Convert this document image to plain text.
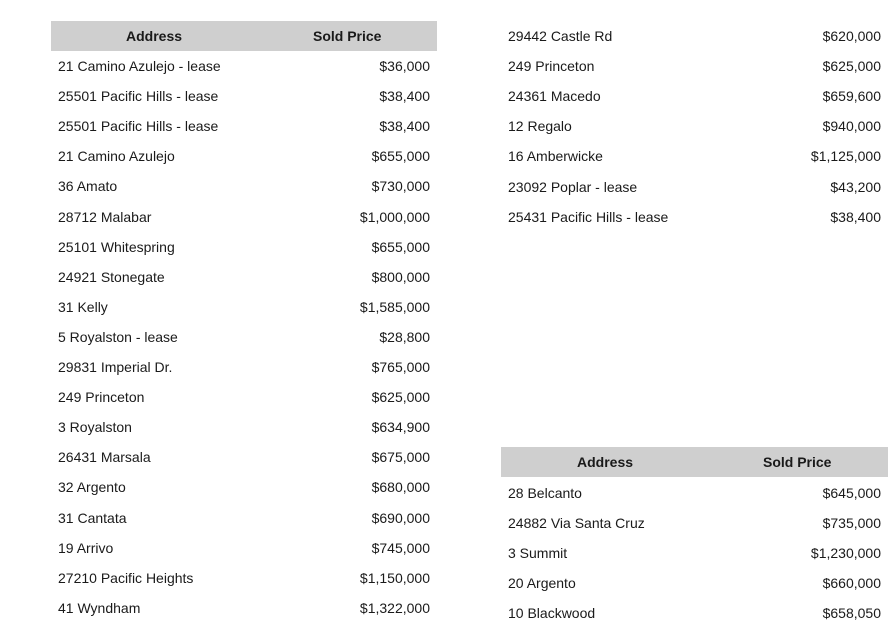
Address	Sold Price
21 Camino Azulejo - lease	$36,000
25501 Pacific Hills - lease	$38,400
25501 Pacific Hills - lease	$38,400
21 Camino Azulejo	$655,000
36 Amato	$730,000
28712 Malabar	$1,000,000
25101 Whitespring	$655,000
24921 Stonegate	$800,000
31 Kelly	$1,585,000
5 Royalston - lease	$28,800
29831 Imperial Dr.	$765,000
249 Princeton	$625,000
3 Royalston	$634,900
26431 Marsala	$675,000
32 Argento	$680,000
31 Cantata	$690,000
19 Arrivo	$745,000
27210 Pacific Heights	$1,150,000
41 Wyndham	$1,322,000
29442 Castle Rd	$620,000
249 Princeton	$625,000
24361 Macedo	$659,600
12 Regalo	$940,000
16 Amberwicke	$1,125,000
23092 Poplar - lease	$43,200
25431 Pacific Hills - lease	$38,400
Address	Sold Price
28 Belcanto	$645,000
24882 Via Santa Cruz	$735,000
3 Summit	$1,230,000
20 Argento	$660,000
10 Blackwood	$658,050
